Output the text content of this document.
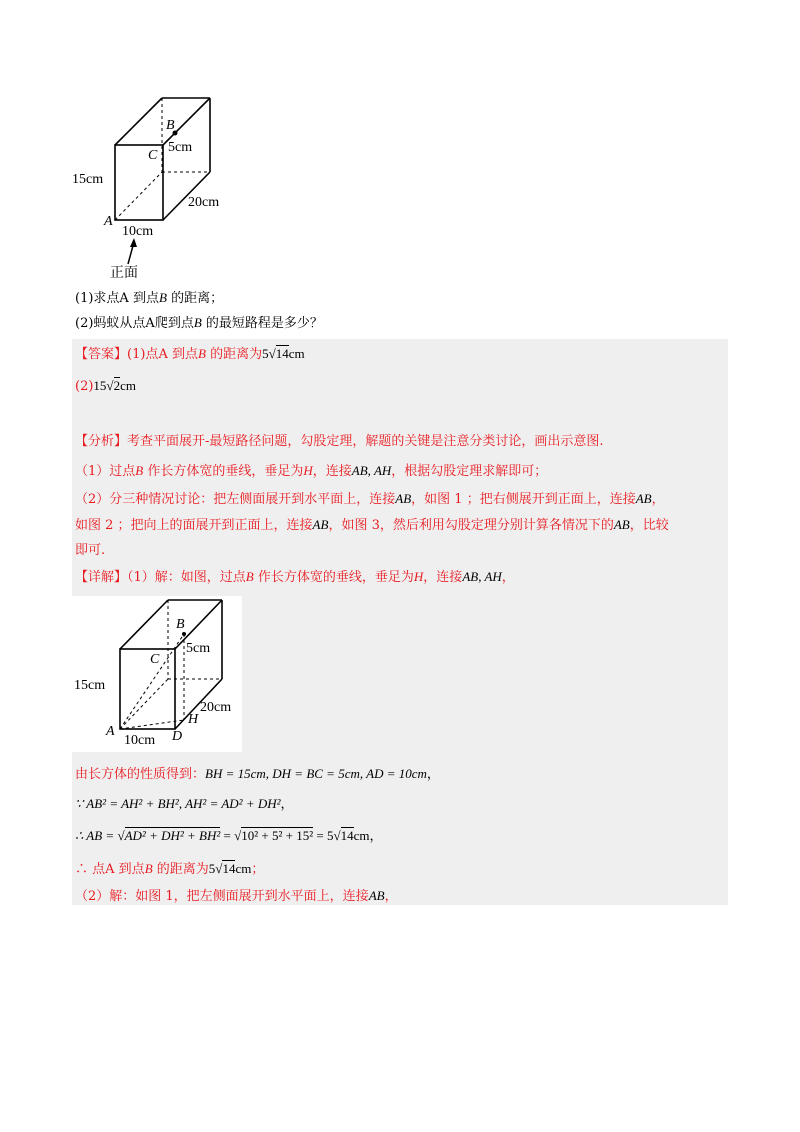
15cm
20cm
10cm
5cm
A
B
C
正面
(1)求点A 到点B 的距离；
(2)蚂蚁从点A爬到点B 的最短路程是多少？
【答案】(1)点A 到点B 的距离为5√14cm
(2)15√2cm
【分析】考查平面展开-最短路径问题，勾股定理，解题的关键是注意分类讨论，画出示意图.
（1）过点B 作长方体宽的垂线，垂足为H，连接AB, AH，根据勾股定理求解即可；
（2）分三种情况讨论：把左侧面展开到水平面上，连接AB，如图 1 ；把右侧展开到正面上，连接AB，
如图 2 ；把向上的面展开到正面上，连接AB，如图 3，然后利用勾股定理分别计算各情况下的AB，比较
即可.
【详解】（1）解：如图，过点B 作长方体宽的垂线，垂足为H，连接AB, AH，
15cm
20cm
10cm
5cm
A
B
C
D
H
由长方体的性质得到：BH = 15cm, DH = BC = 5cm, AD = 10cm，
∵ AB² = AH² + BH², AH² = AD² + DH²，
∴ AB = √AD² + DH² + BH² = √10² + 5² + 15² = 5√14cm，
∴ 点A 到点B 的距离为5√14cm；
（2）解：如图 1，把左侧面展开到水平面上，连接AB，
